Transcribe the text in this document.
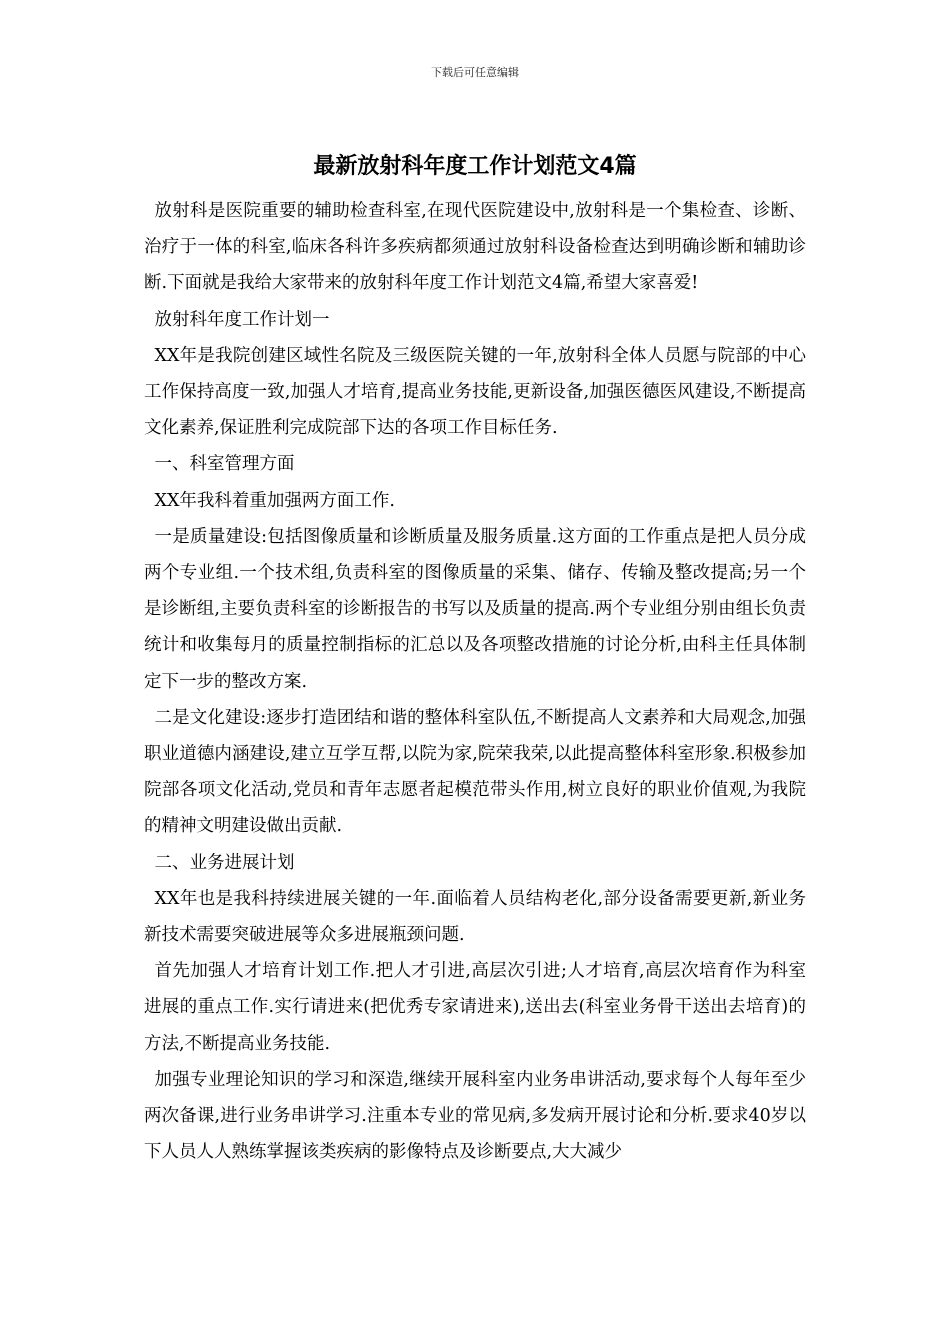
下载后可任意编辑
最新放射科年度工作计划范文4篇

放射科是医院重要的辅助检查科室,在现代医院建设中,放射科是一个集检查、诊断、治疗于一体的科室,临床各科许多疾病都须通过放射科设备检查达到明确诊断和辅助诊断.下面就是我给大家带来的放射科年度工作计划范文4篇,希望大家喜爱!

放射科年度工作计划一

XX年是我院创建区域性名院及三级医院关键的一年,放射科全体人员愿与院部的中心工作保持高度一致,加强人才培育,提高业务技能,更新设备,加强医德医风建设,不断提高文化素养,保证胜利完成院部下达的各项工作目标任务.

一、科室管理方面

XX年我科着重加强两方面工作.

一是质量建设:包括图像质量和诊断质量及服务质量.这方面的工作重点是把人员分成两个专业组.一个技术组,负责科室的图像质量的采集、储存、传输及整改提高;另一个是诊断组,主要负责科室的诊断报告的书写以及质量的提高.两个专业组分别由组长负责统计和收集每月的质量控制指标的汇总以及各项整改措施的讨论分析,由科主任具体制定下一步的整改方案.

二是文化建设:逐步打造团结和谐的整体科室队伍,不断提高人文素养和大局观念,加强职业道德内涵建设,建立互学互帮,以院为家,院荣我荣,以此提高整体科室形象.积极参加院部各项文化活动,党员和青年志愿者起模范带头作用,树立良好的职业价值观,为我院的精神文明建设做出贡献.

二、业务进展计划

XX年也是我科持续进展关键的一年.面临着人员结构老化,部分设备需要更新,新业务新技术需要突破进展等众多进展瓶颈问题.

首先加强人才培育计划工作.把人才引进,高层次引进;人才培育,高层次培育作为科室进展的重点工作.实行请进来(把优秀专家请进来),送出去(科室业务骨干送出去培育)的方法,不断提高业务技能.

加强专业理论知识的学习和深造,继续开展科室内业务串讲活动,要求每个人每年至少两次备课,进行业务串讲学习.注重本专业的常见病,多发病开展讨论和分析.要求40岁以下人员人人熟练掌握该类疾病的影像特点及诊断要点,大大减少
